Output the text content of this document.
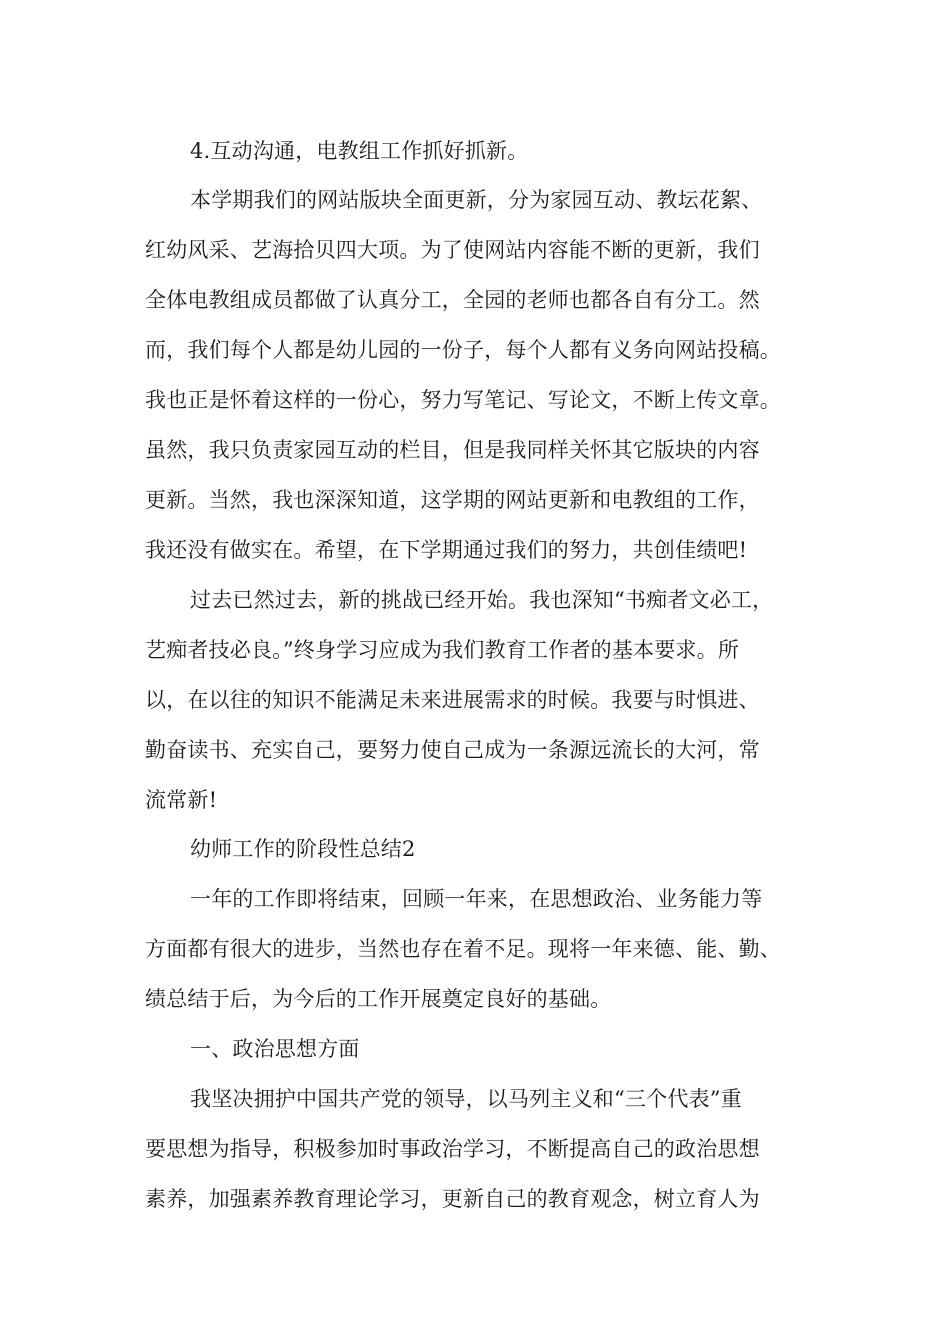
4.互动沟通，电教组工作抓好抓新。
本学期我们的网站版块全面更新，分为家园互动、教坛花絮、
红幼风采、艺海拾贝四大项。为了使网站内容能不断的更新，我们
全体电教组成员都做了认真分工，全园的老师也都各自有分工。然
而，我们每个人都是幼儿园的一份子，每个人都有义务向网站投稿。
我也正是怀着这样的一份心，努力写笔记、写论文，不断上传文章。
虽然，我只负责家园互动的栏目，但是我同样关怀其它版块的内容
更新。当然，我也深深知道，这学期的网站更新和电教组的工作，
我还没有做实在。希望，在下学期通过我们的努力，共创佳绩吧!
过去已然过去，新的挑战已经开始。我也深知“书痴者文必工，
艺痴者技必良。”终身学习应成为我们教育工作者的基本要求。所
以，在以往的知识不能满足未来进展需求的时候。我要与时惧进、
勤奋读书、充实自己，要努力使自己成为一条源远流长的大河，常
流常新!
幼师工作的阶段性总结2
一年的工作即将结束，回顾一年来，在思想政治、业务能力等
方面都有很大的进步，当然也存在着不足。现将一年来德、能、勤、
绩总结于后，为今后的工作开展奠定良好的基础。
一、政治思想方面
我坚决拥护中国共产党的领导，以马列主义和“三个代表”重
要思想为指导，积极参加时事政治学习，不断提高自己的政治思想
素养，加强素养教育理论学习，更新自己的教育观念，树立育人为
